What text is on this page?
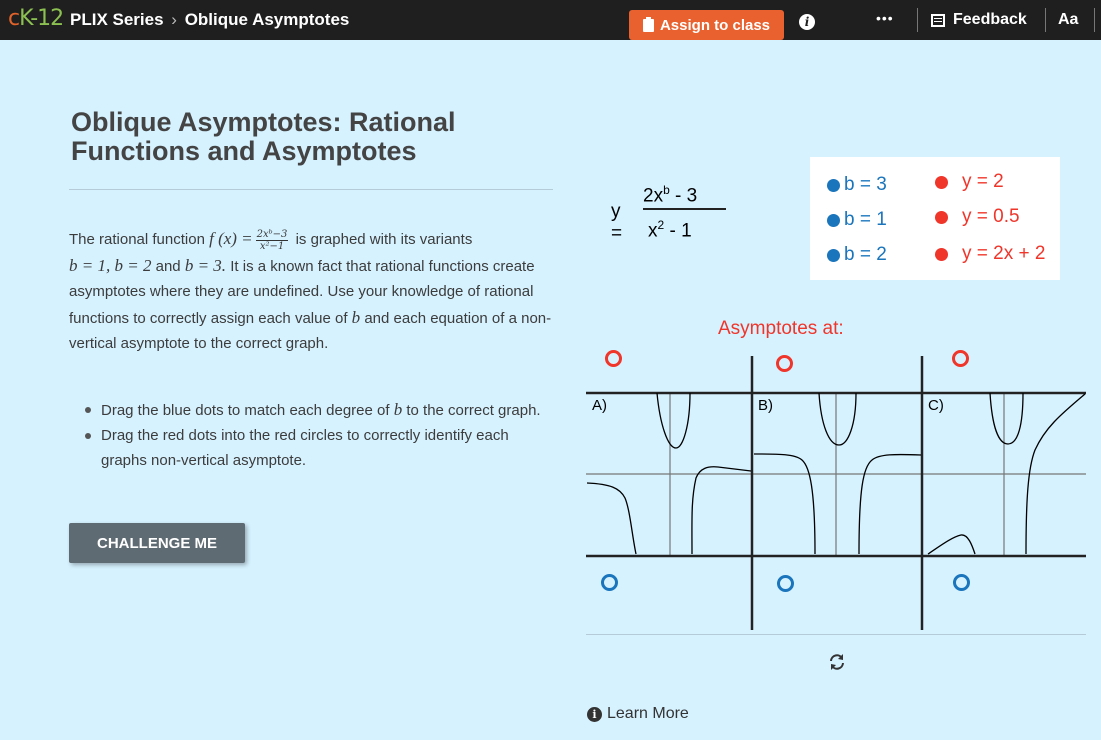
cK-12 PLIX Series › Oblique Asymptotes	Assign to class	i	•••	Feedback Aa
Oblique Asymptotes: Rational Functions and Asymptotes

The rational function f $(x) = \frac{\text{2xᵇ−3}}{\text{x²−1}}$ is graphed with its variants
b = 1, b = 2 and b = 3. It is a known fact that rational functions create asymptotes where they are undefined. Use your knowledge of rational functions to correctly assign each value of b and each equation of a non-vertical asymptote to the correct graph.

Drag the blue dots to match each degree of b to the correct graph.
Drag the red dots into the red circles to correctly identify each graphs non-vertical asymptote.
CHALLENGE ME
y =
$2x^b - 3$
$x^2 - 1$
b = 3
b = 1
b = 2
y = 2
y = 0.5
y = 2x + 2
Asymptotes at:
A)	B)	C)
i Learn More
